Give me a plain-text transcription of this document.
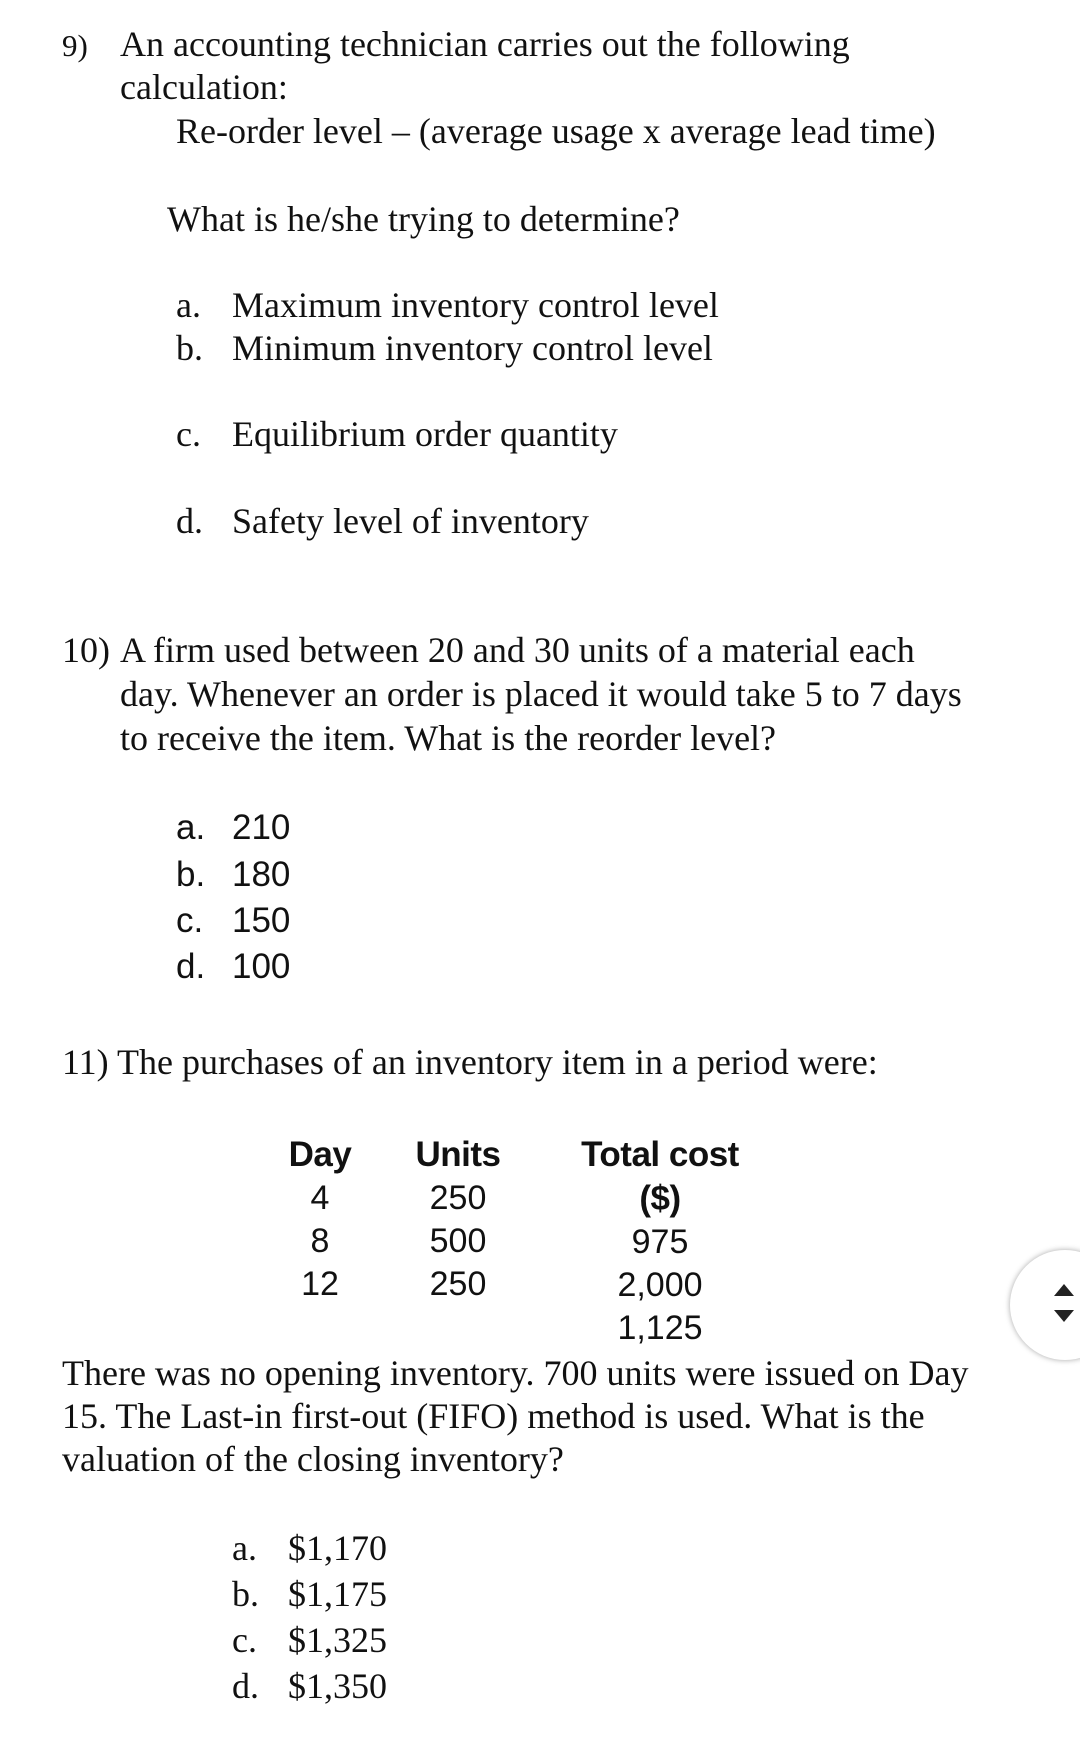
9) An accounting technician carries out the following
calculation:
Re-order level – (average usage x average lead time)
What is he/she trying to determine?
a. Maximum inventory control level
b. Minimum inventory control level
c. Equilibrium order quantity
d. Safety level of inventory
10) A firm used between 20 and 30 units of a material each
day. Whenever an order is placed it would take 5 to 7 days
to receive the item. What is the reorder level?
a. 210
b. 180
c. 150
d. 100
11) The purchases of an inventory item in a period were:
Day
4
8
12
Units
250
500
250
Total cost ($)
975
2,000
1,125
There was no opening inventory. 700 units were issued on Day
15. The Last-in first-out (FIFO) method is used. What is the
valuation of the closing inventory?
a. $1,170
b. $1,175
c. $1,325
d. $1,350
